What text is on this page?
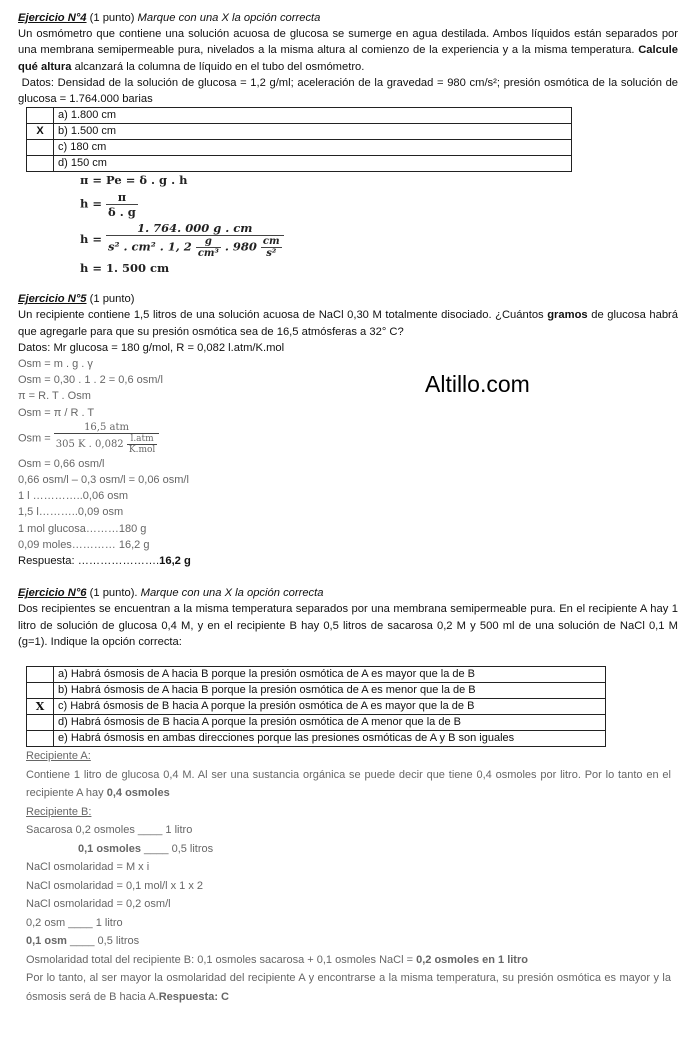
Altillo.com
Ejercicio N°4 (1 punto) Marque con una X la opción correcta
Un osmómetro que contiene una solución acuosa de glucosa se sumerge en agua destilada. Ambos líquidos están separados por una membrana semipermeable pura, nivelados a la misma altura al comienzo de la experiencia y a la misma temperatura. Calcule qué altura alcanzará la columna de líquido en el tubo del osmómetro.
Datos: Densidad de la solución de glucosa = 1,2 g/ml; aceleración de la gravedad = 980 cm/s²; presión osmótica de la solución de glucosa = 1.764.000 barias
	a) 1.800 cm
X	b) 1.500 cm
	c) 180 cm
	d) 150 cm
π = Pe = δ . g . h
$h = \frac{\pi}{\delta . g}$
h =
1. 764. 000 g . cm
s² . cm² . 1, $2 \frac{g}{\text{cm³}}$ . $980 \frac{cm}{\text{s²}}$
h = 1. 500 cm
Ejercicio N°5 (1 punto)
Un recipiente contiene 1,5 litros de una solución acuosa de NaCl 0,30 M totalmente disociado. ¿Cuántos gramos de glucosa habrá que agregarle para que su presión osmótica sea de 16,5 atmósferas a 32° C?
Datos: Mr glucosa = 180 g/mol, R = 0,082 l.atm/K.mol
Osm = m . g . γ
Osm = 0,30 . 1 . 2 = 0,6 osm/l
π = R. T . Osm
Osm = π / R . T
Osm =
16,5 atm
305 K . $0,082 \frac{\text{l.atm}}{\text{K.mol}}$
Osm = 0,66 osm/l
0,66 osm/l – 0,3 osm/l = 0,06 osm/l
1 l …………..0,06 osm
1,5 l………..0,09 osm
1 mol glucosa………180 g
0,09 moles………… 16,2 g
Respuesta: ………………….16,2 g
Ejercicio N°6 (1 punto). Marque con una X la opción correcta
Dos recipientes se encuentran a la misma temperatura separados por una membrana semipermeable pura. En el recipiente A hay 1 litro de solución de glucosa 0,4 M, y en el recipiente B hay 0,5 litros de sacarosa 0,2 M y 500 ml de una solución de NaCl 0,1 M (g=1). Indique la opción correcta:
	a) Habrá ósmosis de A hacia B porque la presión osmótica de A es mayor que la de B
	b) Habrá ósmosis de A hacia B porque la presión osmótica de A es menor que la de B
X	c) Habrá ósmosis de B hacia A porque la presión osmótica de A es mayor que la de B
	d) Habrá ósmosis de B hacia A porque la presión osmótica de A menor que la de B
	e) Habrá ósmosis en ambas direcciones porque las presiones osmóticas de A y B son iguales
Recipiente A:
Contiene 1 litro de glucosa 0,4 M. Al ser una sustancia orgánica se puede decir que tiene 0,4 osmoles por litro. Por lo tanto en el recipiente A hay 0,4 osmoles
Recipiente B:
Sacarosa 0,2 osmoles ____ 1 litro
0,1 osmoles ____ 0,5 litros
NaCl osmolaridad = M x i
NaCl osmolaridad = 0,1 mol/l x 1 x 2
NaCl osmolaridad = 0,2 osm/l
0,2 osm ____ 1 litro
0,1 osm ____ 0,5 litros
Osmolaridad total del recipiente B: 0,1 osmoles sacarosa + 0,1 osmoles NaCl = 0,2 osmoles en 1 litro
Por lo tanto, al ser mayor la osmolaridad del recipiente A y encontrarse a la misma temperatura, su presión osmótica es mayor y la ósmosis será de B hacia A.Respuesta: C
